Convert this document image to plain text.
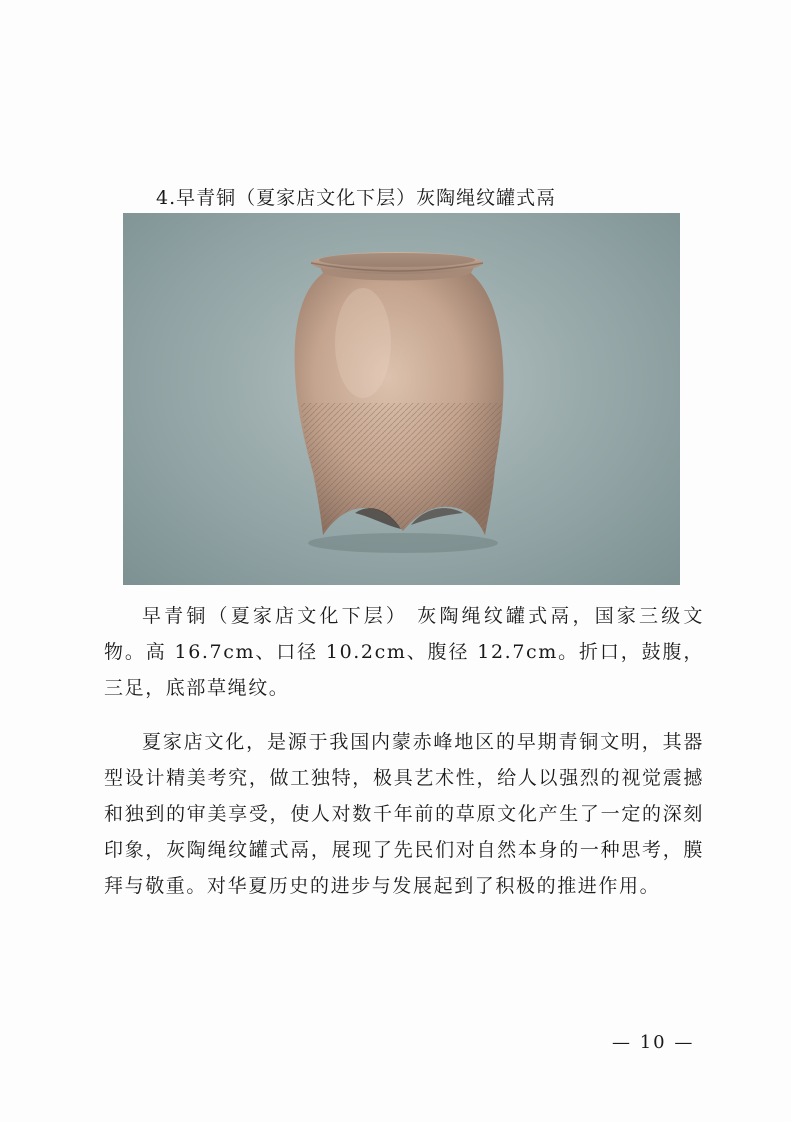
4.早青铜（夏家店文化下层）灰陶绳纹罐式鬲

早青铜（夏家店文化下层） 灰陶绳纹罐式鬲，国家三级文物。高 16.7cm、口径 10.2cm、腹径 12.7cm。折口，鼓腹，三足，底部草绳纹。

夏家店文化，是源于我国内蒙赤峰地区的早期青铜文明，其器型设计精美考究，做工独特，极具艺术性，给人以强烈的视觉震撼和独到的审美享受，使人对数千年前的草原文化产生了一定的深刻印象，灰陶绳纹罐式鬲，展现了先民们对自然本身的一种思考，膜拜与敬重。对华夏历史的进步与发展起到了积极的推进作用。

— 10 —
